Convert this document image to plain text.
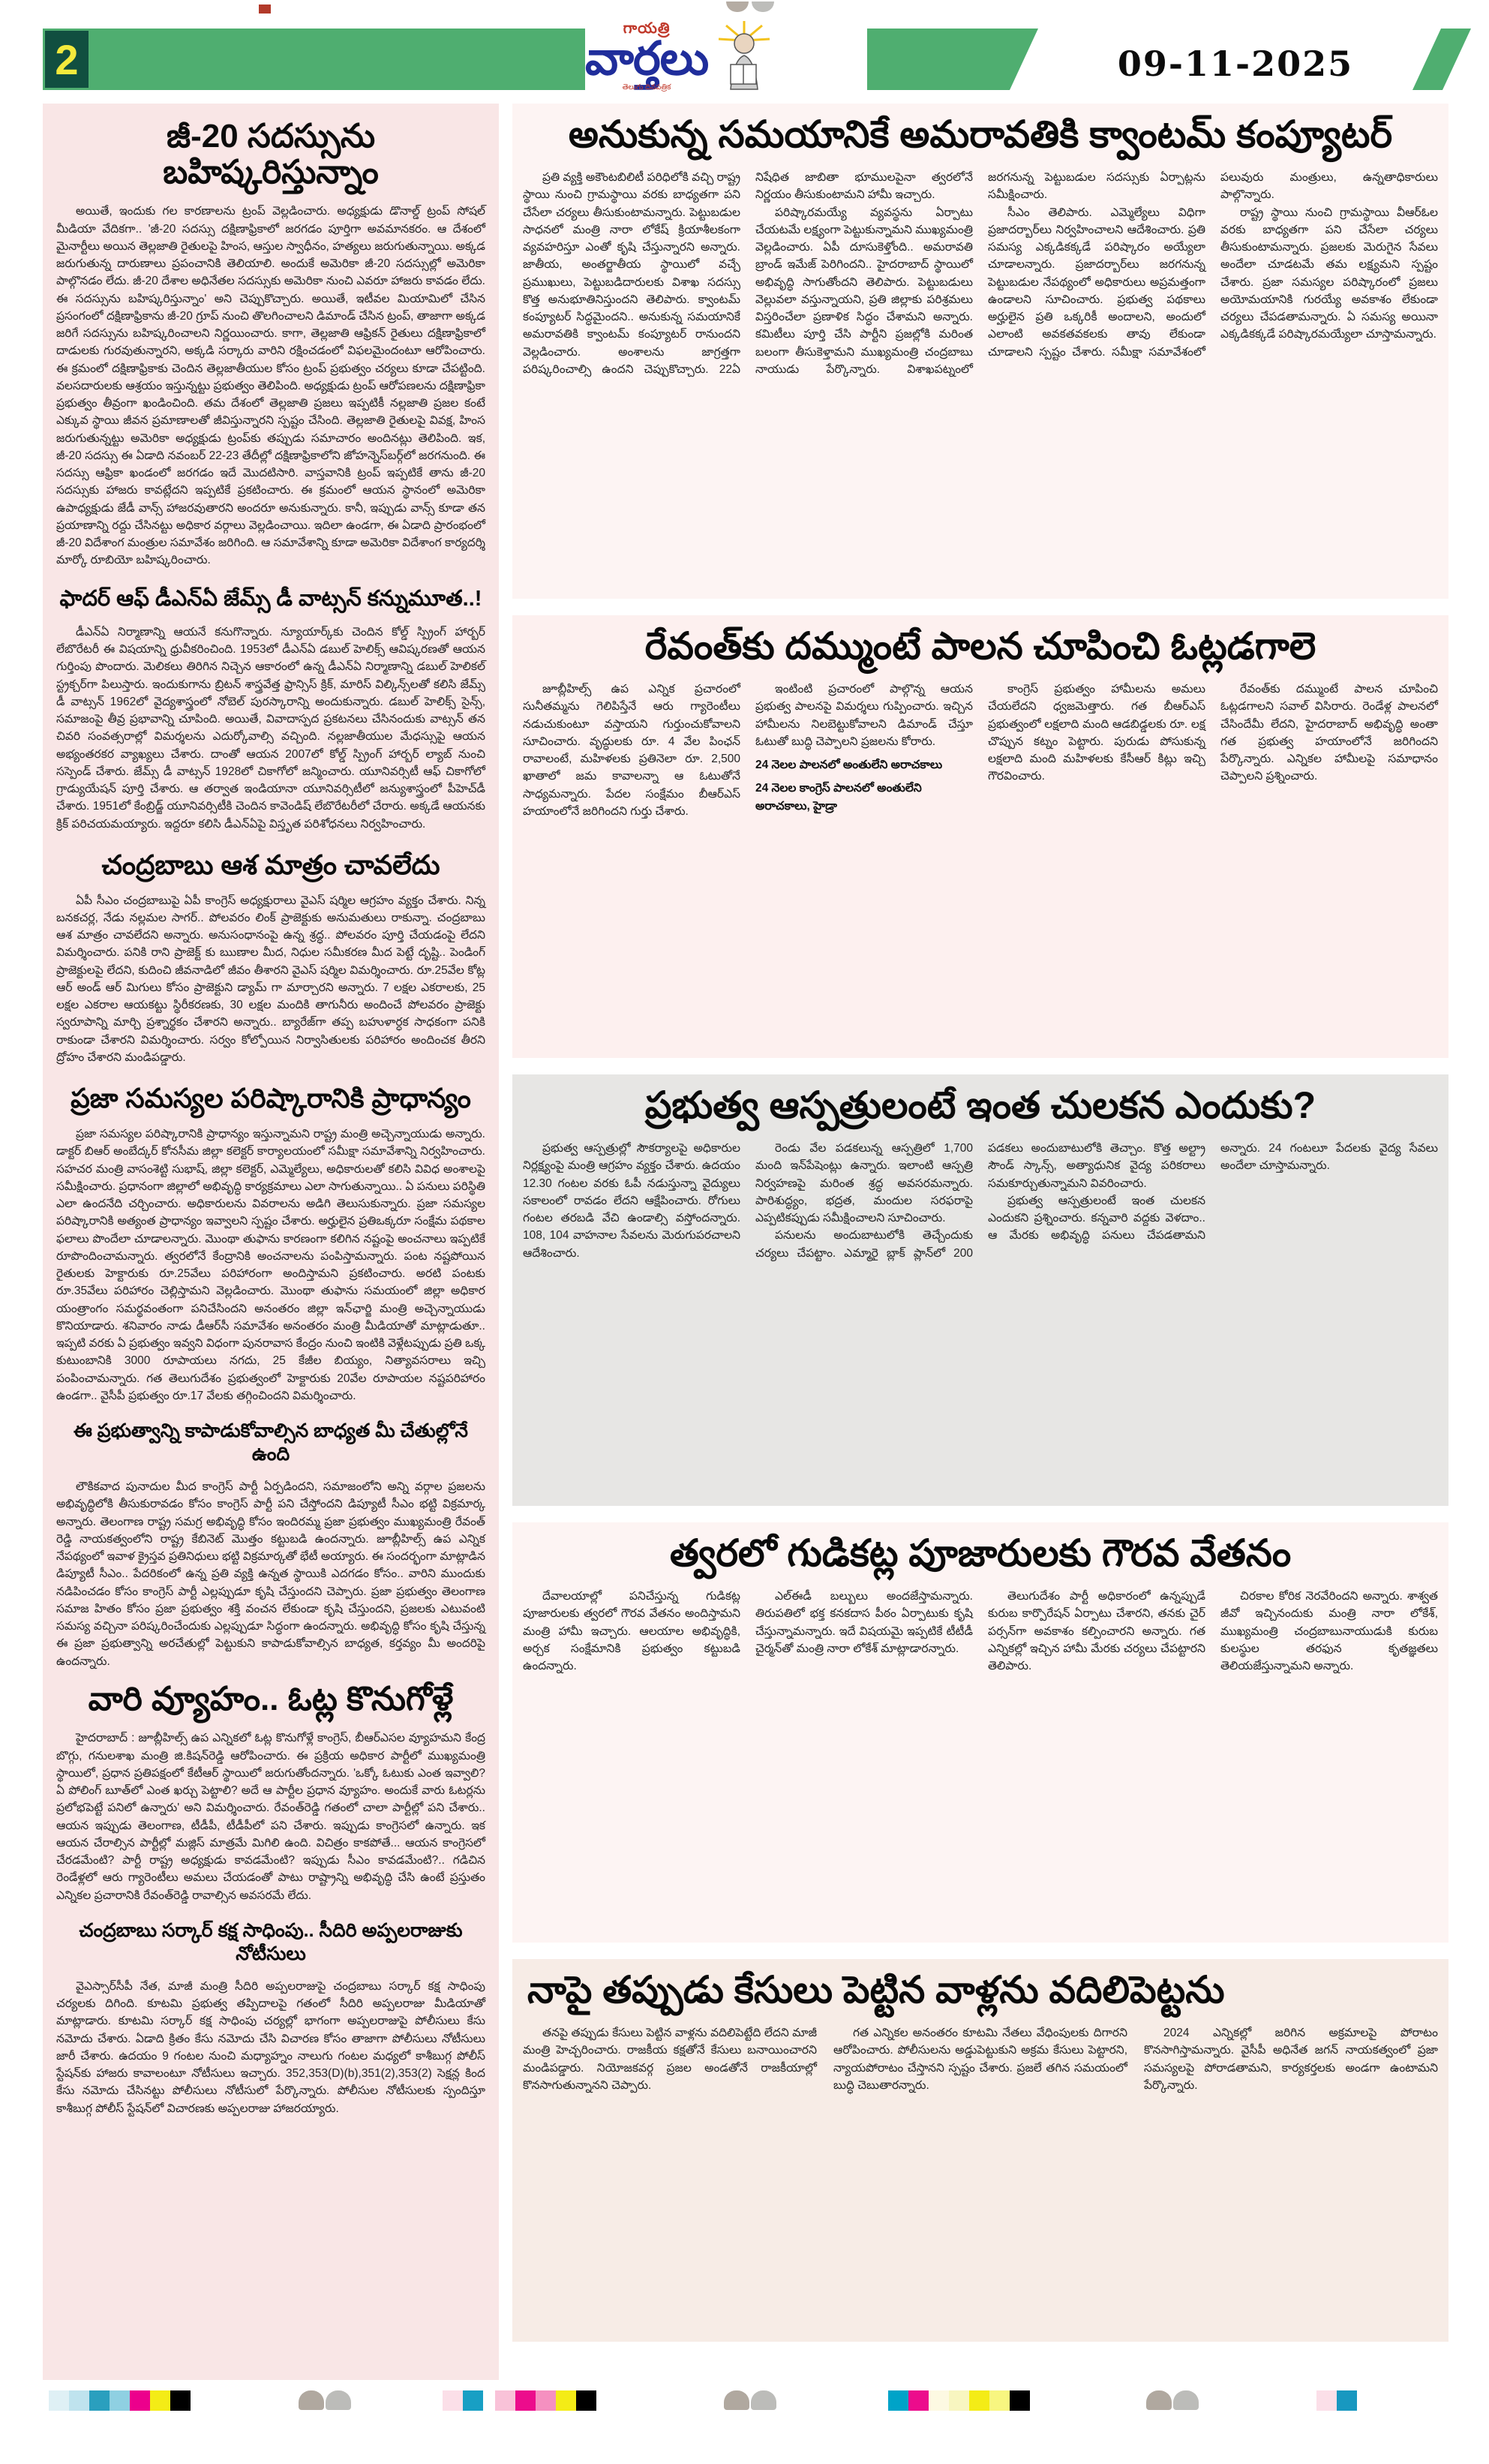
2
గాయత్రి
వార్తలు
తెలుగు దినపత్రిక
09-11-2025
జీ-20 సదస్సును బహిష్కరిస్తున్నాం

అయితే, ఇందుకు గల కారణాలను ట్రంప్ వెల్లడించారు. అధ్యక్షుడు డొనాల్డ్ ట్రంప్ సోషల్ మీడియా వేదికగా.. 'జీ-20 సదస్సు దక్షిణాఫ్రికాలో జరగడం పూర్తిగా అవమానకరం. ఆ దేశంలో మైనార్టీలు అయిన తెల్లజాతి రైతులపై హింస, ఆస్తుల స్వాధీనం, హత్యలు జరుగుతున్నాయి. అక్కడ జరుగుతున్న దారుణాలు ప్రపంచానికి తెలియాలి. అందుకే అమెరికా జీ-20 సదస్సుల్లో అమెరికా పాల్గొనడం లేదు. జీ-20 దేశాల అధినేతల సదస్సుకు అమెరికా నుంచి ఎవరూ హాజరు కావడం లేదు. ఈ సదస్సును బహిష్కరిస్తున్నాం' అని చెప్పుకొచ్చారు. అయితే, ఇటీవల మియామిలో చేసిన ప్రసంగంలో దక్షిణాఫ్రికాను జీ-20 గ్రూప్ నుంచి తొలగించాలని డిమాండ్ చేసిన ట్రంప్, తాజాగా అక్కడ జరిగే సదస్సును బహిష్కరించాలని నిర్ణయించారు. కాగా, తెల్లజాతి ఆఫ్రికన్ రైతులు దక్షిణాఫ్రికాలో దాడులకు గురవుతున్నారని, అక్కడి సర్కారు వారిని రక్షించడంలో విఫలమైందంటూ ఆరోపించారు. ఈ క్రమంలో దక్షిణాఫ్రికాకు చెందిన తెల్లజాతీయుల కోసం ట్రంప్ ప్రభుత్వం చర్యలు కూడా చేపట్టింది. వలసదారులకు ఆశ్రయం ఇస్తున్నట్టు ప్రభుత్వం తెలిపింది. అధ్యక్షుడు ట్రంప్ ఆరోపణలను దక్షిణాఫ్రికా ప్రభుత్వం తీవ్రంగా ఖండించింది. తమ దేశంలో తెల్లజాతి ప్రజలు ఇప్పటికీ నల్లజాతి ప్రజల కంటే ఎక్కువ స్థాయి జీవన ప్రమాణాలతో జీవిస్తున్నారని స్పష్టం చేసింది. తెల్లజాతి రైతులపై వివక్ష, హింస జరుగుతున్నట్టు అమెరికా అధ్యక్షుడు ట్రంప్‌కు తప్పుడు సమాచారం అందినట్లు తెలిపింది. ఇక, జీ-20 సదస్సు ఈ ఏడాది నవంబర్ 22-23 తేదీల్లో దక్షిణాఫ్రికాలోని జోహన్నెస్‌బర్గ్‌లో జరగనుంది. ఈ సదస్సు ఆఫ్రికా ఖండంలో జరగడం ఇదే మొదటిసారి. వాస్తవానికి ట్రంప్ ఇప్పటికే తాను జీ-20 సదస్సుకు హాజరు కావట్లేదని ఇప్పటికే ప్రకటించారు. ఈ క్రమంలో ఆయన స్థానంలో అమెరికా ఉపాధ్యక్షుడు జేడీ వాన్స్ హాజరవుతారని అందరూ అనుకున్నారు. కానీ, ఇప్పుడు వాన్స్ కూడా తన ప్రయాణాన్ని రద్దు చేసినట్టు అధికార వర్గాలు వెల్లడించాయి. ఇదిలా ఉండగా, ఈ ఏడాది ప్రారంభంలో జీ-20 విదేశాంగ మంత్రుల సమావేశం జరిగింది. ఆ సమావేశాన్ని కూడా అమెరికా విదేశాంగ కార్యదర్శి మార్కో రూబియో బహిష్కరించారు.

ఫాదర్ ఆఫ్ డీఎన్ఏ జేమ్స్ డీ వాట్సన్ కన్నుమూత..!

డీఎన్ఏ నిర్మాణాన్ని ఆయనే కనుగొన్నారు. న్యూయార్క్‌కు చెందిన కోల్డ్ స్ప్రింగ్ హార్బర్ లేబొరేటరీ ఈ విషయాన్ని ధ్రువీకరించింది. 1953లో డీఎన్ఏ డబుల్ హెలిక్స్ ఆవిష్కరణతో ఆయన గుర్తింపు పొందారు. మెలికలు తిరిగిన నిచ్చెన ఆకారంలో ఉన్న డీఎన్ఏ నిర్మాణాన్ని డబుల్ హెలికల్ స్ట్రక్చర్‌గా పిలుస్తారు. ఇందుకుగాను బ్రిటన్ శాస్త్రవేత్త ఫ్రాన్సిస్ క్రిక్, మారిస్ విల్కిన్స్‌లతో కలిసి జేమ్స్ డీ వాట్సన్ 1962లో వైద్యశాస్త్రంలో నోబెల్ పురస్కారాన్ని అందుకున్నారు. డబుల్ హెలిక్స్ సైన్స్, సమాజంపై తీవ్ర ప్రభావాన్ని చూపింది. అయితే, వివాదాస్పద ప్రకటనలు చేసినందుకు వాట్సన్ తన చివరి సంవత్సరాల్లో విమర్శలను ఎదుర్కోవాల్సి వచ్చింది. నల్లజాతీయుల మేధస్సుపై ఆయన అభ్యంతరకర వ్యాఖ్యలు చేశారు. దాంతో ఆయన 2007లో కోల్డ్ స్ప్రింగ్ హార్బర్ ల్యాబ్ నుంచి సస్పెండ్ చేశారు. జేమ్స్ డీ వాట్సన్ 1928లో చికాగోలో జన్మించారు. యూనివర్సిటీ ఆఫ్ చికాగోలో గ్రాడ్యుయేషన్ పూర్తి చేశారు. ఆ తర్వాత ఇండియానా యూనివర్సిటీలో జన్యుశాస్త్రంలో పీహెచ్‌డీ చేశారు. 1951లో కేంబ్రిడ్జ్ యూనివర్సిటీకి చెందిన కావెండిష్ లేబొరేటరీలో చేరారు. అక్కడే ఆయనకు క్రిక్ పరిచయమయ్యారు. ఇద్దరూ కలిసి డీఎన్ఏపై విస్తృత పరిశోధనలు నిర్వహించారు.

చంద్రబాబు ఆశ మాత్రం చావలేదు

ఏపీ సీఎం చంద్రబాబుపై ఏపీ కాంగ్రెస్ అధ్యక్షురాలు వైఎస్ షర్మిల ఆగ్రహం వ్యక్తం చేశారు. నిన్న బనకచర్ల, నేడు నల్లమల సాగర్.. పోలవరం లింక్ ప్రాజెక్టుకు అనుమతులు రాకున్నా. చంద్రబాబు ఆశ మాత్రం చావలేదని అన్నారు. అనుసంధానంపై ఉన్న శ్రద్ధ.. పోలవరం పూర్తి చేయడంపై లేదని విమర్శించారు. పనికి రాని ప్రాజెక్ట్ కు ఋణాల మీద, నిధుల సమీకరణ మీద పెట్టే దృష్టి.. పెండింగ్ ప్రాజెక్టులపై లేదని, కుదించి జీవనాడిలో జీవం తీశారని వైఎస్ షర్మిల విమర్శించారు. రూ.25వేల కోట్ల ఆర్ అండ్ ఆర్ మిగులు కోసం ప్రాజెక్టుని డ్యామ్ గా మార్చారని అన్నారు. 7 లక్షల ఎకరాలకు, 25 లక్షల ఎకరాల ఆయకట్టు స్థిరీకరణకు, 30 లక్షల మందికి తాగునీరు అందించే పోలవరం ప్రాజెక్టు స్వరూపాన్ని మార్చి ప్రశ్నార్థకం చేశారని అన్నారు.. బ్యారేజ్‌గా తప్ప బహుళార్ధక సాధకంగా పనికి రాకుండా చేశారని విమర్శించారు. సర్వం కోల్పోయిన నిర్వాసితులకు పరిహారం అందించక తీరని ద్రోహం చేశారని మండిపడ్డారు.

ప్రజా సమస్యల పరిష్కారానికి ప్రాధాన్యం

ప్రజా సమస్యల పరిష్కారానికి ప్రాధాన్యం ఇస్తున్నామని రాష్ట్ర మంత్రి అచ్చెన్నాయుడు అన్నారు. డాక్టర్ బిఆర్ అంబేద్కర్ కోనసీమ జిల్లా కలెక్టర్ కార్యాలయంలో సమీక్షా సమావేశాన్ని నిర్వహించారు. సహచర మంత్రి వాసంశెట్టి సుభాష్, జిల్లా కలెక్టర్, ఎమ్మెల్యేలు, అధికారులతో కలిసి వివిధ అంశాలపై సమీక్షించారు. ప్రధానంగా జిల్లాలో అభివృద్ధి కార్యక్రమాలు ఎలా సాగుతున్నాయి.. ఏ పనులు పరిస్థితి ఎలా ఉందనేది చర్చించారు. అధికారులను వివరాలను అడిగి తెలుసుకున్నారు. ప్రజా సమస్యల పరిష్కారానికి అత్యంత ప్రాధాన్యం ఇవ్వాలని స్పష్టం చేశారు. అర్హులైన ప్రతిఒక్కరూ సంక్షేమ పథకాల ఫలాలు పొందేలా చూడాలన్నారు. మొంథా తుఫాను కారణంగా కలిగిన నష్టంపై అంచనాలు ఇప్పటికే రూపొందించామన్నారు. త్వరలోనే కేంద్రానికి అంచనాలను పంపిస్తామన్నారు. పంట నష్టపోయిన రైతులకు హెక్టారుకు రూ.25వేలు పరిహారంగా అందిస్తామని ప్రకటించారు. అరటి పంటకు రూ.35వేలు పరిహారం చెల్లిస్తామని వెల్లడించారు. మొంథా తుఫాను సమయంలో జిల్లా అధికార యంత్రాంగం సమర్థవంతంగా పనిచేసిందని అనంతరం జిల్లా ఇన్‌ఛార్జి మంత్రి అచ్చెన్నాయుడు కొనియాడారు. శనివారం నాడు డీఆర్‌సీ సమావేశం అనంతరం మంత్రి మీడియాతో మాట్లాడుతూ.. ఇప్పటి వరకు ఏ ప్రభుత్వం ఇవ్వని విధంగా పునరావాస కేంద్రం నుంచి ఇంటికి వెళ్లేటప్పుడు ప్రతి ఒక్క కుటుంబానికి 3000 రూపాయలు నగదు, 25 కేజీల బియ్యం, నిత్యావసరాలు ఇచ్చి పంపించామన్నారు. గత తెలుగుదేశం ప్రభుత్వంలో హెక్టారుకు 20వేల రూపాయల నష్టపరిహారం ఉండగా.. వైసీపీ ప్రభుత్వం రూ.17 వేలకు తగ్గించిందని విమర్శించారు.

ఈ ప్రభుత్వాన్ని కాపాడుకోవాల్సిన బాధ్యత మీ చేతుల్లోనే ఉంది

లౌకికవాద పునాదుల మీద కాంగ్రెస్ పార్టీ ఏర్పడిందని, సమాజంలోని అన్ని వర్గాల ప్రజలను అభివృద్ధిలోకి తీసుకురావడం కోసం కాంగ్రెస్ పార్టీ పని చేస్తోందని డిప్యూటీ సీఎం భట్టి విక్రమార్క అన్నారు. తెలంగాణ రాష్ట్ర సమగ్ర అభివృద్ధి కోసం ఇందిరమ్మ ప్రజా ప్రభుత్వం ముఖ్యమంత్రి రేవంత్ రెడ్డి నాయకత్వంలోని రాష్ట్ర కేబినెట్ మొత్తం కట్టుబడి ఉందన్నారు. జూబ్లీహిల్స్ ఉప ఎన్నిక నేపథ్యంలో ఇవాళ క్రైస్తవ ప్రతినిధులు భట్టి విక్రమార్కతో భేటీ అయ్యారు. ఈ సందర్భంగా మాట్లాడిన డిప్యూటీ సీఎం.. పేదరికంలో ఉన్న ప్రతి వ్యక్తి ఉన్నత స్థాయికి ఎదగడం కోసం.. వారిని ముందుకు నడిపించడం కోసం కాంగ్రెస్ పార్టీ ఎల్లప్పుడూ కృషి చేస్తుందని చెప్పారు. ప్రజా ప్రభుత్వం తెలంగాణ సమాజ హితం కోసం ప్రజా ప్రభుత్వం శక్తి వంచన లేకుండా కృషి చేస్తుందని, ప్రజలకు ఎటువంటి సమస్య వచ్చినా పరిష్కరించేందుకు ఎల్లప్పుడూ సిద్ధంగా ఉందన్నారు. అభివృద్ధి కోసం కృషి చేస్తున్న ఈ ప్రజా ప్రభుత్వాన్ని అరచేతుల్లో పెట్టుకుని కాపాడుకోవాల్సిన బాధ్యత, కర్తవ్యం మీ అందరిపై ఉందన్నారు.

వారి వ్యూహం.. ఓట్ల కొనుగోళ్లే

హైదరాబాద్ : జూబ్లీహిల్స్ ఉప ఎన్నికలో ఓట్ల కొనుగోళ్లే కాంగ్రెస్, బీఆర్ఎసల వ్యూహమని కేంద్ర బొగ్గు, గనులశాఖ మంత్రి జి.కిషన్‌రెడ్డి ఆరోపించారు. ఈ ప్రక్రియ అధికార పార్టీలో ముఖ్యమంత్రి స్థాయిలో, ప్రధాన ప్రతిపక్షంలో కేటీఆర్ స్థాయిలో జరుగుతోందన్నారు. 'ఒక్కో ఓటుకు ఎంత ఇవ్వాలి? ఏ పోలింగ్ బూత్‌లో ఎంత ఖర్చు పెట్టాలి? అదే ఆ పార్టీల ప్రధాన వ్యూహం. అందుకే వారు ఓటర్లను ప్రలోభపెట్టే పనిలో ఉన్నారు' అని విమర్శించారు. రేవంత్‌రెడ్డి గతంలో చాలా పార్టీల్లో పని చేశారు.. ఆయన ఇప్పుడు తెలంగాణ, టీడీపీ, టీడీపీలో పని చేశారు. ఇప్పుడు కాంగ్రెసలో ఉన్నారు. ఇక ఆయన చేరాల్సిన పార్టీల్లో మజ్లిస్ మాత్రమే మిగిలి ఉంది. విచిత్రం కాకపోతే... ఆయన కాంగ్రెసలో చేరడమేంటి? పార్టీ రాష్ట్ర అధ్యక్షుడు కావడమేంటి? ఇప్పుడు సీఎం కావడమేంటి?.. గడిచిన రెండేళ్లలో ఆరు గ్యారెంటీలు అమలు చేయడంతో పాటు రాష్ట్రాన్ని అభివృద్ధి చేసి ఉంటే ప్రస్తుతం ఎన్నికల ప్రచారానికి రేవంత్‌రెడ్డి రావాల్సిన అవసరమే లేదు.

చంద్రబాబు సర్కార్ కక్ష సాధింపు.. సీదిరి అప్పలరాజుకు నోటీసులు

వైఎస్సార్‌సీపీ నేత, మాజీ మంత్రి సీదిరి అప్పలరాజుపై చంద్రబాబు సర్కార్ కక్ష సాధింపు చర్యలకు దిగింది. కూటమి ప్రభుత్వ తప్పిదాలపై గతంలో సీదిరి అప్పలరాజు మీడియాతో మాట్లాడారు. కూటమి సర్కార్ కక్ష సాధింపు చర్యల్లో భాగంగా అప్పలరాజుపై పోలీసులు కేసు నమోదు చేశారు. ఏడాది క్రితం కేసు నమోదు చేసి విచారణ కోసం తాజాగా పోలీసులు నోటీసులు జారీ చేశారు. ఉదయం 9 గంటల నుంచి మధ్యాహ్నం నాలుగు గంటల మధ్యలో కాశీబుగ్గ పోలీస్ స్టేషన్‌కు హాజరు కావాలంటూ నోటీసులు ఇచ్చారు. 352,353(D)(b),351(2),353(2) సెక్షన్ల కింద కేసు నమోదు చేసినట్టు పోలీసులు నోటీసులో పేర్కొన్నారు. పోలీసుల నోటీసులకు స్పందిస్తూ కాశీబుగ్గ పోలీస్ స్టేషన్‌లో విచారణకు అప్పలరాజు హాజరయ్యారు.

అనుకున్న సమయానికే అమరావతికి క్వాంటమ్ కంప్యూటర్
ప్రతి వ్యక్తి అకౌంటబిలిటీ పరిధిలోకి వచ్చి రాష్ట్ర స్థాయి నుంచి గ్రామస్థాయి వరకు బాధ్యతగా పని చేసేలా చర్యలు తీసుకుంటామన్నారు. పెట్టుబడుల సాధనలో మంత్రి నారా లోకేష్ క్రియాశీలకంగా వ్యవహరిస్తూ ఎంతో కృషి చేస్తున్నారని అన్నారు. జాతీయ, అంతర్జాతీయ స్థాయిలో వచ్చే ప్రముఖులు, పెట్టుబడిదారులకు విశాఖ సదస్సు కొత్త అనుభూతినిస్తుందని తెలిపారు. క్వాంటమ్ కంప్యూటర్ సిద్ధమైందని.. అనుకున్న సమయానికే అమరావతికి క్వాంటమ్ కంప్యూటర్ రానుందని వెల్లడించారు. అంశాలను జాగ్రత్తగా పరిష్కరించాల్సి ఉందని చెప్పుకొచ్చారు. 22ఏ నిషేధిత జాబితా భూములపైనా త్వరలోనే నిర్ణయం తీసుకుంటామని హామీ ఇచ్చారు.
పరిష్కారమయ్యే వ్యవస్థను ఏర్పాటు చేయటమే లక్ష్యంగా పెట్టుకున్నామని ముఖ్యమంత్రి వెల్లడించారు. ఏపీ దూసుకెళ్తోంది.. అమరావతి బ్రాండ్ ఇమేజ్ పెరిగిందని.. హైదరాబాద్ స్థాయిలో అభివృద్ధి సాగుతోందని తెలిపారు. పెట్టుబడులు వెల్లువలా వస్తున్నాయని, ప్రతి జిల్లాకు పరిశ్రమలు విస్తరించేలా ప్రణాళిక సిద్ధం చేశామని అన్నారు. కమిటీలు పూర్తి చేసి పార్టీని ప్రజల్లోకి మరింత బలంగా తీసుకెళ్తామని ముఖ్యమంత్రి చంద్రబాబు నాయుడు పేర్కొన్నారు. విశాఖపట్నంలో జరగనున్న పెట్టుబడుల సదస్సుకు ఏర్పాట్లను సమీక్షించారు.
సీఎం తెలిపారు. ఎమ్మెల్యేలు విధిగా ప్రజాదర్బార్‌లు నిర్వహించాలని ఆదేశించారు. ప్రతి సమస్య ఎక్కడికక్కడే పరిష్కారం అయ్యేలా చూడాలన్నారు. ప్రజాదర్బార్‌లు జరగనున్న పెట్టుబడుల నేపథ్యంలో అధికారులు అప్రమత్తంగా ఉండాలని సూచించారు. ప్రభుత్వ పథకాలు అర్హులైన ప్రతి ఒక్కరికీ అందాలని, అందులో ఎలాంటి అవకతవకలకు తావు లేకుండా చూడాలని స్పష్టం చేశారు. సమీక్షా సమావేశంలో పలువురు మంత్రులు, ఉన్నతాధికారులు పాల్గొన్నారు.
రాష్ట్ర స్థాయి నుంచి గ్రామస్థాయి వీఆర్ఓల వరకు బాధ్యతగా పని చేసేలా చర్యలు తీసుకుంటామన్నారు. ప్రజలకు మెరుగైన సేవలు అందేలా చూడటమే తమ లక్ష్యమని స్పష్టం చేశారు. ప్రజా సమస్యల పరిష్కారంలో ప్రజలు అయోమయానికి గురయ్యే అవకాశం లేకుండా చర్యలు చేపడతామన్నారు. ఏ సమస్య అయినా ఎక్కడికక్కడే పరిష్కారమయ్యేలా చూస్తామన్నారు.
రేవంత్‌కు దమ్ముంటే పాలన చూపించి ఓట్లడగాలె

జూబ్లీహిల్స్ ఉప ఎన్నిక ప్రచారంలో సునీతమ్మను గెలిపిస్తేనే ఆరు గ్యారెంటీలు నడుచుకుంటూ వస్తాయని గుర్తుంచుకోవాలని సూచించారు. వృద్ధులకు రూ. 4 వేల పింఛన్ రావాలంటే, మహిళలకు ప్రతినెలా రూ. 2,500 ఖాతాలో జమ కావాలన్నా ఆ ఓటుతోనే సాధ్యమన్నారు. పేదల సంక్షేమం బీఆర్ఎస్ హయాంలోనే జరిగిందని గుర్తు చేశారు.

ఇంటింటి ప్రచారంలో పాల్గొన్న ఆయన ప్రభుత్వ పాలనపై విమర్శలు గుప్పించారు. ఇచ్చిన హామీలను నిలబెట్టుకోవాలని డిమాండ్ చేస్తూ ఓటుతో బుద్ధి చెప్పాలని ప్రజలను కోరారు.

24 నెలల పాలనలో అంతులేని అరాచకాలు

24 నెలల కాంగ్రెస్ పాలనలో అంతులేని అరాచకాలు, హైడ్రా

కాంగ్రెస్ ప్రభుత్వం హామీలను అమలు చేయలేదని ధ్వజమెత్తారు. గత బీఆర్ఎస్ ప్రభుత్వంలో లక్షలాది మంది ఆడబిడ్డలకు రూ. లక్ష చొప్పున కట్నం పెట్టారు. పురుడు పోసుకున్న లక్షలాది మంది మహిళలకు కేసీఆర్ కిట్లు ఇచ్చి గౌరవించారు.

రేవంత్‌కు దమ్ముంటే పాలన చూపించి ఓట్లడగాలని సవాల్ విసిరారు. రెండేళ్ల పాలనలో చేసిందేమీ లేదని, హైదరాబాద్ అభివృద్ధి అంతా గత ప్రభుత్వ హయాంలోనే జరిగిందని పేర్కొన్నారు. ఎన్నికల హామీలపై సమాధానం చెప్పాలని ప్రశ్నించారు.

ప్రభుత్వ ఆస్పత్రులంటే ఇంత చులకన ఎందుకు?
ప్రభుత్వ ఆస్పత్రుల్లో సౌకర్యాలపై అధికారుల నిర్లక్ష్యంపై మంత్రి ఆగ్రహం వ్యక్తం చేశారు. ఉదయం 12.30 గంటల వరకు ఓపీ నడుస్తున్నా వైద్యులు సకాలంలో రావడం లేదని ఆక్షేపించారు. రోగులు గంటల తరబడి వేచి ఉండాల్సి వస్తోందన్నారు. 108, 104 వాహనాల సేవలను మెరుగుపరచాలని ఆదేశించారు.
రెండు వేల పడకలున్న ఆస్పత్రిలో 1,700 మంది ఇన్‌పేషెంట్లు ఉన్నారు. ఇలాంటి ఆస్పత్రి నిర్వహణపై మరింత శ్రద్ధ అవసరమన్నారు. పారిశుద్ధ్యం, భద్రత, మందుల సరఫరాపై ఎప్పటికప్పుడు సమీక్షించాలని సూచించారు.
పనులను అందుబాటులోకి తెచ్చేందుకు చర్యలు చేపట్టాం. ఎమ్మారై బ్లాక్ ప్లాన్‌లో 200 పడకలు అందుబాటులోకి తెచ్చాం. కొత్త అల్ట్రా సౌండ్ స్కాన్స్, అత్యాధునిక వైద్య పరికరాలు సమకూర్చుతున్నామని వివరించారు.
ప్రభుత్వ ఆస్పత్రులంటే ఇంత చులకన ఎందుకని ప్రశ్నించారు. కన్నవారి వద్దకు వెళదాం.. ఆ మేరకు అభివృద్ధి పనులు చేపడతామని అన్నారు. 24 గంటలూ పేదలకు వైద్య సేవలు అందేలా చూస్తామన్నారు.
త్వరలో గుడికట్ల పూజారులకు గౌరవ వేతనం
దేవాలయాల్లో పనిచేస్తున్న గుడికట్ల పూజారులకు త్వరలో గౌరవ వేతనం అందిస్తామని మంత్రి హామీ ఇచ్చారు. ఆలయాల అభివృద్ధికి, అర్చక సంక్షేమానికి ప్రభుత్వం కట్టుబడి ఉందన్నారు.
ఎల్ఈడీ బల్బులు అందజేస్తామన్నారు. తిరుపతిలో భక్త కనకదాస పీఠం ఏర్పాటుకు కృషి చేస్తున్నామన్నారు. ఇదే విషయమై ఇప్పటికే టీటీడీ చైర్మన్‌తో మంత్రి నారా లోకేశ్ మాట్లాడారన్నారు.
తెలుగుదేశం పార్టీ అధికారంలో ఉన్నప్పుడే కురుబ కార్పొరేషన్ ఏర్పాటు చేశారని, తనకు చైర్ పర్సన్‌గా అవకాశం కల్పించారని అన్నారు. గత ఎన్నికల్లో ఇచ్చిన హామీ మేరకు చర్యలు చేపట్టారని తెలిపారు.
చిరకాల కోరిక నెరవేరిందని అన్నారు. శాశ్వత జీవో ఇచ్చినందుకు మంత్రి నారా లోకేశ్, ముఖ్యమంత్రి చంద్రబాబునాయుడుకి కురుబ కులస్థుల తరఫున కృతజ్ఞతలు తెలియజేస్తున్నామని అన్నారు.
నాపై తప్పుడు కేసులు పెట్టిన వాళ్లను వదిలిపెట్టను
తనపై తప్పుడు కేసులు పెట్టిన వాళ్లను వదిలిపెట్టేది లేదని మాజీ మంత్రి హెచ్చరించారు. రాజకీయ కక్షతోనే కేసులు బనాయించారని మండిపడ్డారు. నియోజకవర్గ ప్రజల అండతోనే రాజకీయాల్లో కొనసాగుతున్నానని చెప్పారు.
గత ఎన్నికల అనంతరం కూటమి నేతలు వేధింపులకు దిగారని ఆరోపించారు. పోలీసులను అడ్డుపెట్టుకుని అక్రమ కేసులు పెట్టారని, న్యాయపోరాటం చేస్తానని స్పష్టం చేశారు. ప్రజలే తగిన సమయంలో బుద్ధి చెబుతారన్నారు.
2024 ఎన్నికల్లో జరిగిన అక్రమాలపై పోరాటం కొనసాగిస్తామన్నారు. వైసీపీ అధినేత జగన్ నాయకత్వంలో ప్రజా సమస్యలపై పోరాడతామని, కార్యకర్తలకు అండగా ఉంటామని పేర్కొన్నారు.
